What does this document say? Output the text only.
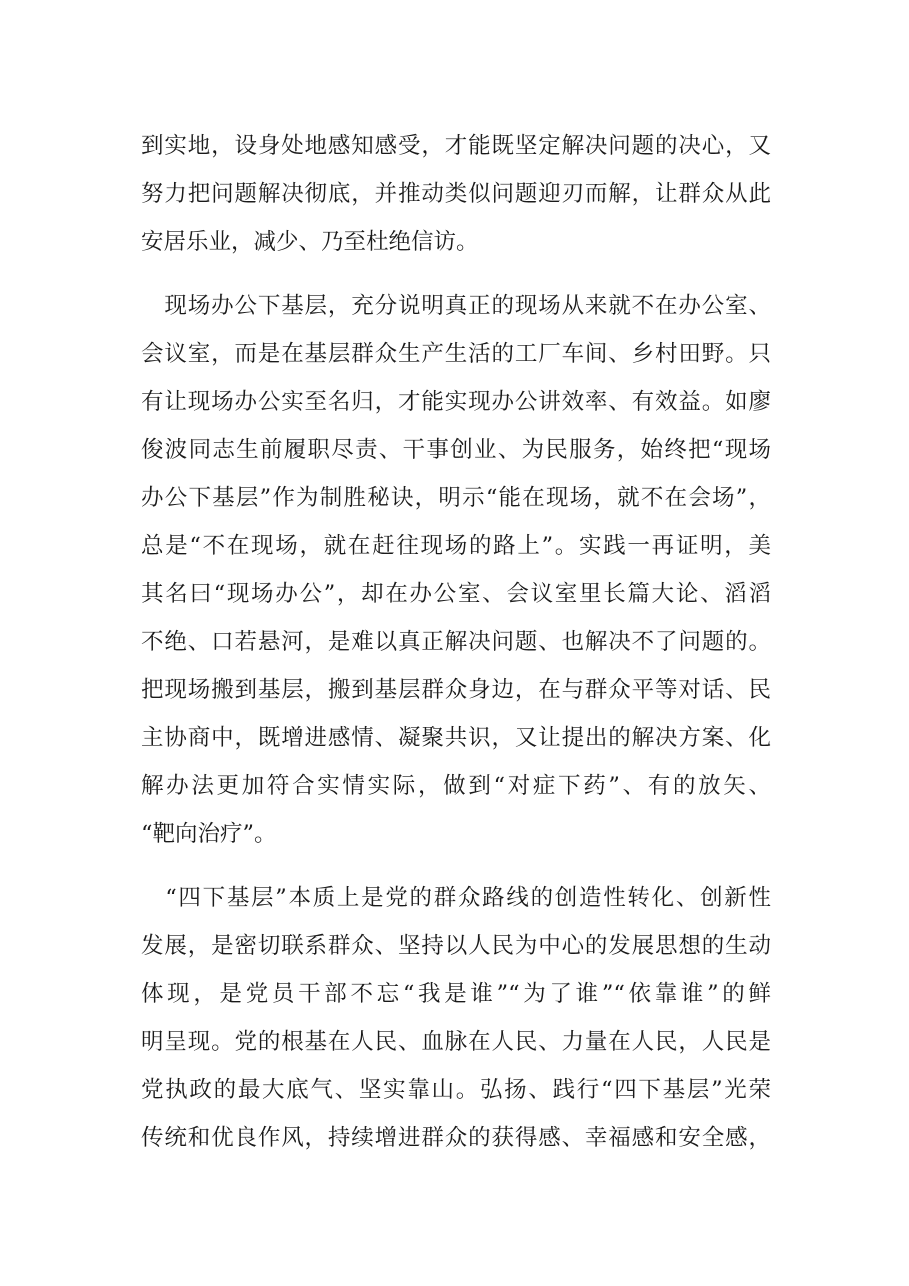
到实地，设身处地感知感受，才能既坚定解决问题的决心，又
努力把问题解决彻底，并推动类似问题迎刃而解，让群众从此
安居乐业，减少、乃至杜绝信访。

　现场办公下基层，充分说明真正的现场从来就不在办公室、
会议室，而是在基层群众生产生活的工厂车间、乡村田野。只
有让现场办公实至名归，才能实现办公讲效率、有效益。如廖
俊波同志生前履职尽责、干事创业、为民服务，始终把“现场
办公下基层”作为制胜秘诀，明示“能在现场，就不在会场”，
总是“不在现场，就在赶往现场的路上”。实践一再证明，美
其名曰“现场办公”，却在办公室、会议室里长篇大论、滔滔
不绝、口若悬河，是难以真正解决问题、也解决不了问题的。
把现场搬到基层，搬到基层群众身边，在与群众平等对话、民
主协商中，既增进感情、凝聚共识，又让提出的解决方案、化
解办法更加符合实情实际，做到“对症下药”、有的放矢、
“靶向治疗”。

　“四下基层”本质上是党的群众路线的创造性转化、创新性
发展，是密切联系群众、坚持以人民为中心的发展思想的生动
体现，是党员干部不忘“我是谁”“为了谁”“依靠谁”的鲜
明呈现。党的根基在人民、血脉在人民、力量在人民，人民是
党执政的最大底气、坚实靠山。弘扬、践行“四下基层”光荣
传统和优良作风，持续增进群众的获得感、幸福感和安全感，
